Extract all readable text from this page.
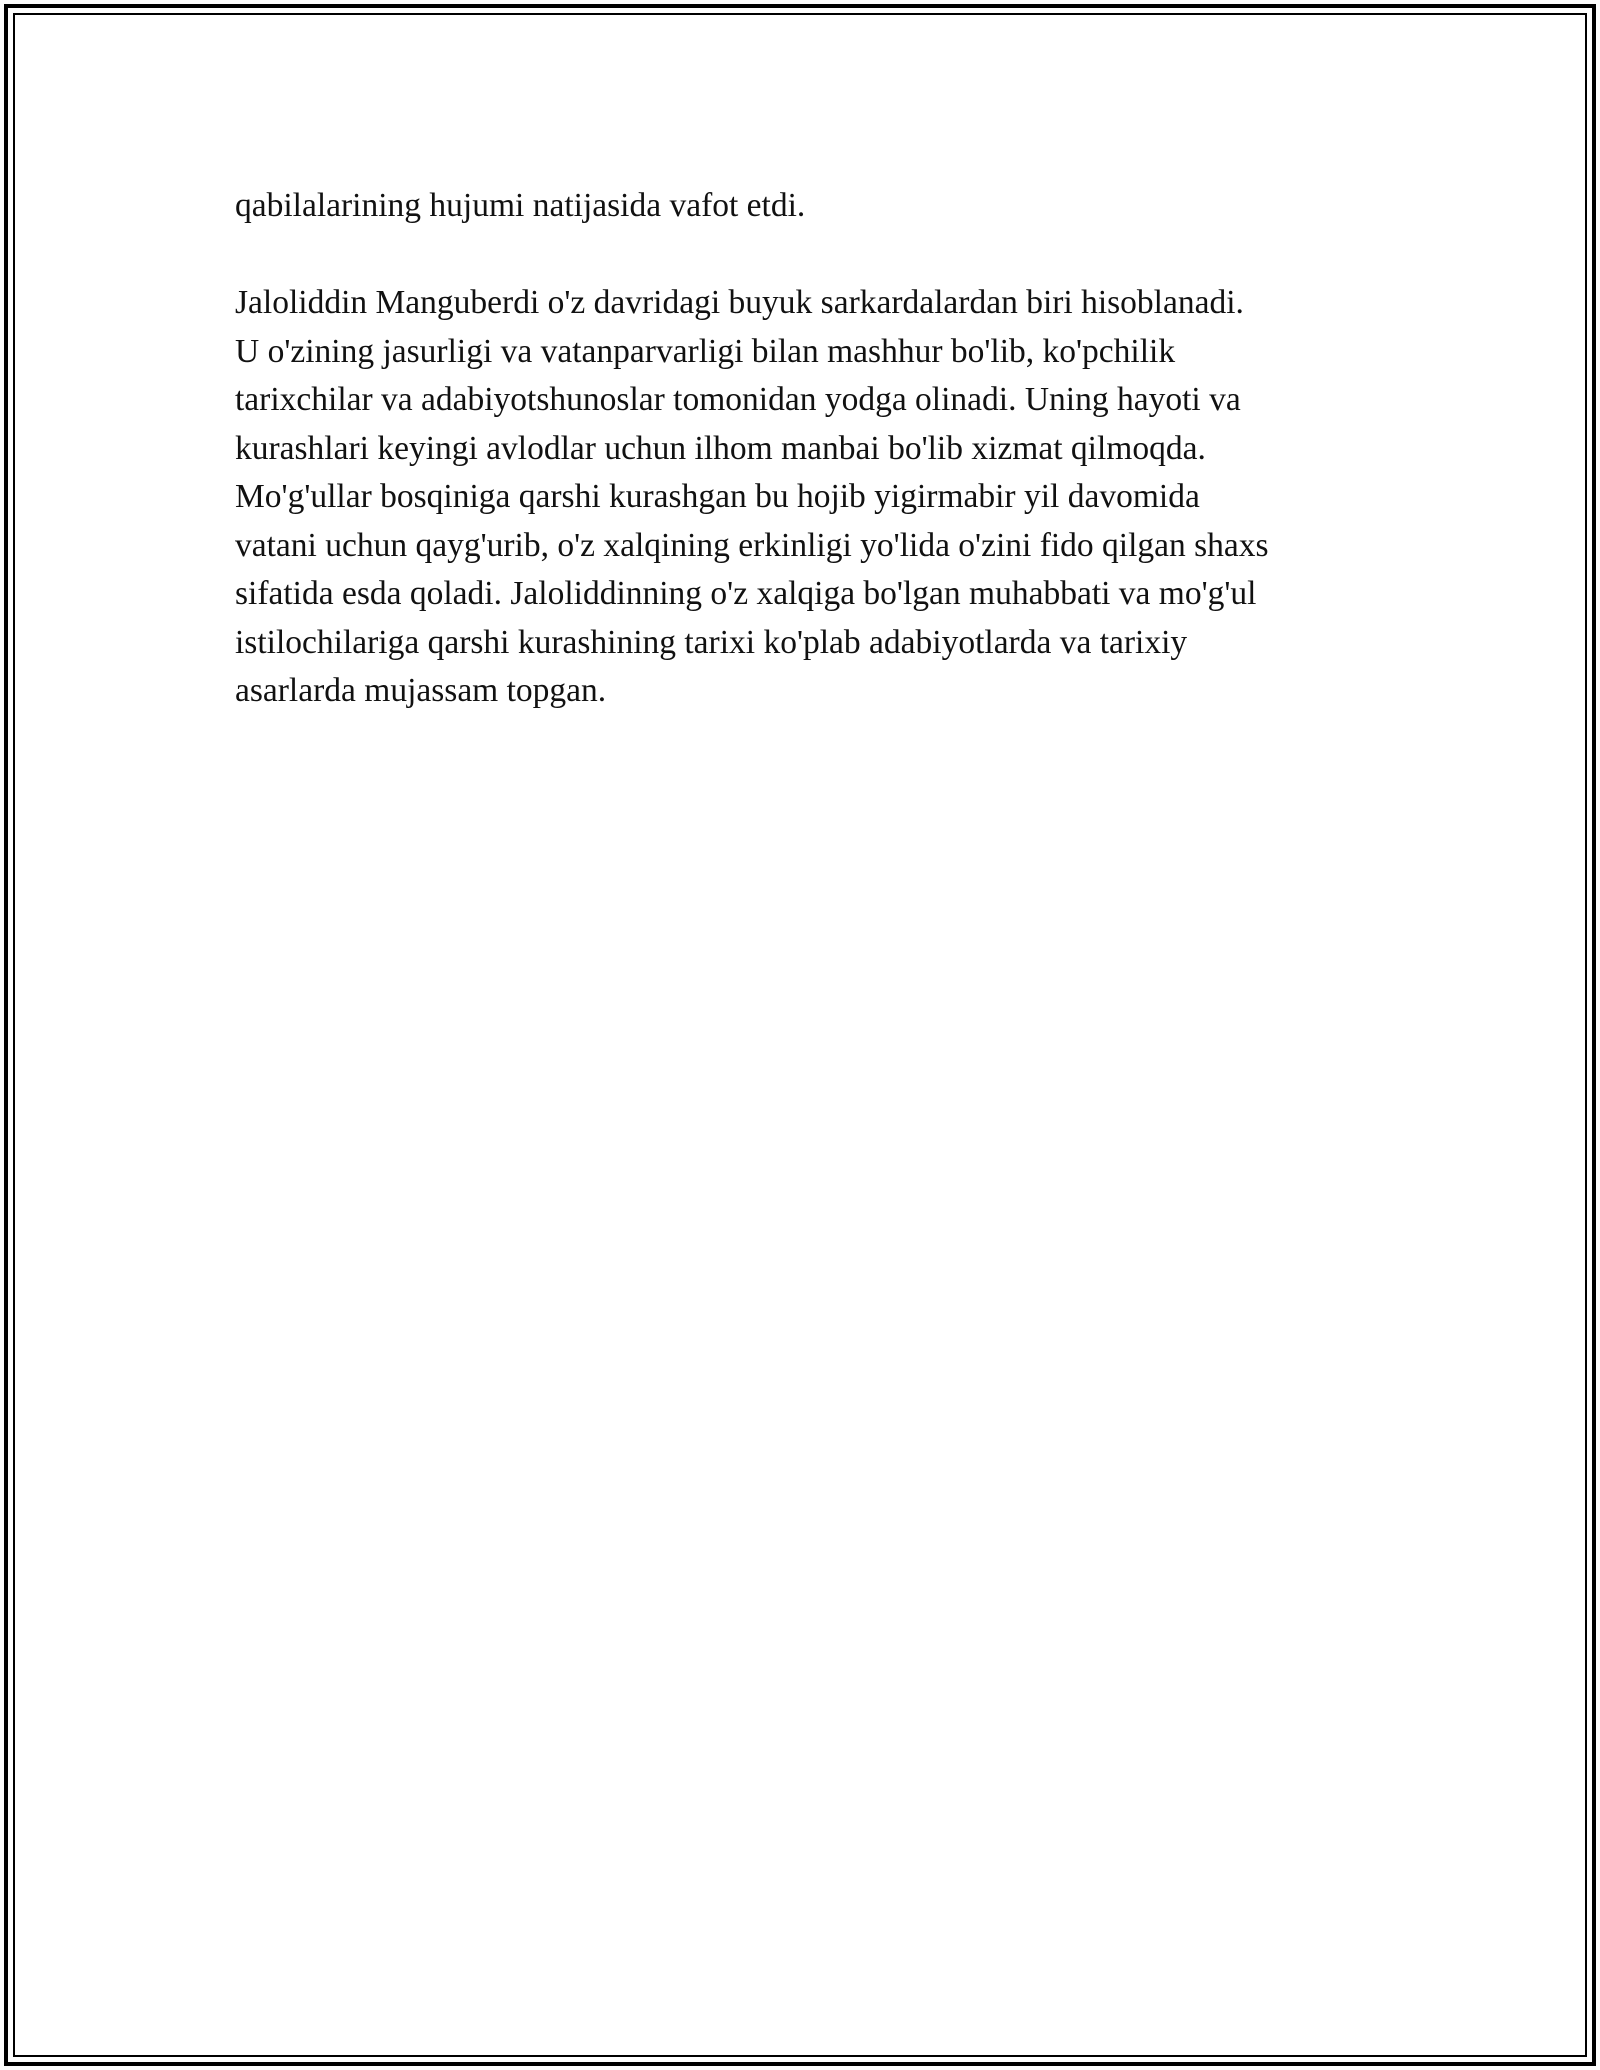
qabilalarining hujumi natijasida vafot etdi.

Jaloliddin Manguberdi o'z davridagi buyuk sarkardalardan biri hisoblanadi.

U o'zining jasurligi va vatanparvarligi bilan mashhur bo'lib, ko'pchilik

tarixchilar va adabiyotshunoslar tomonidan yodga olinadi. Uning hayoti va

kurashlari keyingi avlodlar uchun ilhom manbai bo'lib xizmat qilmoqda.

Mo'g'ullar bosqiniga qarshi kurashgan bu hojib yigirmabir yil davomida

vatani uchun qayg'urib, o'z xalqining erkinligi yo'lida o'zini fido qilgan shaxs

sifatida esda qoladi. Jaloliddinning o'z xalqiga bo'lgan muhabbati va mo'g'ul

istilochilariga qarshi kurashining tarixi ko'plab adabiyotlarda va tarixiy

asarlarda mujassam topgan.
